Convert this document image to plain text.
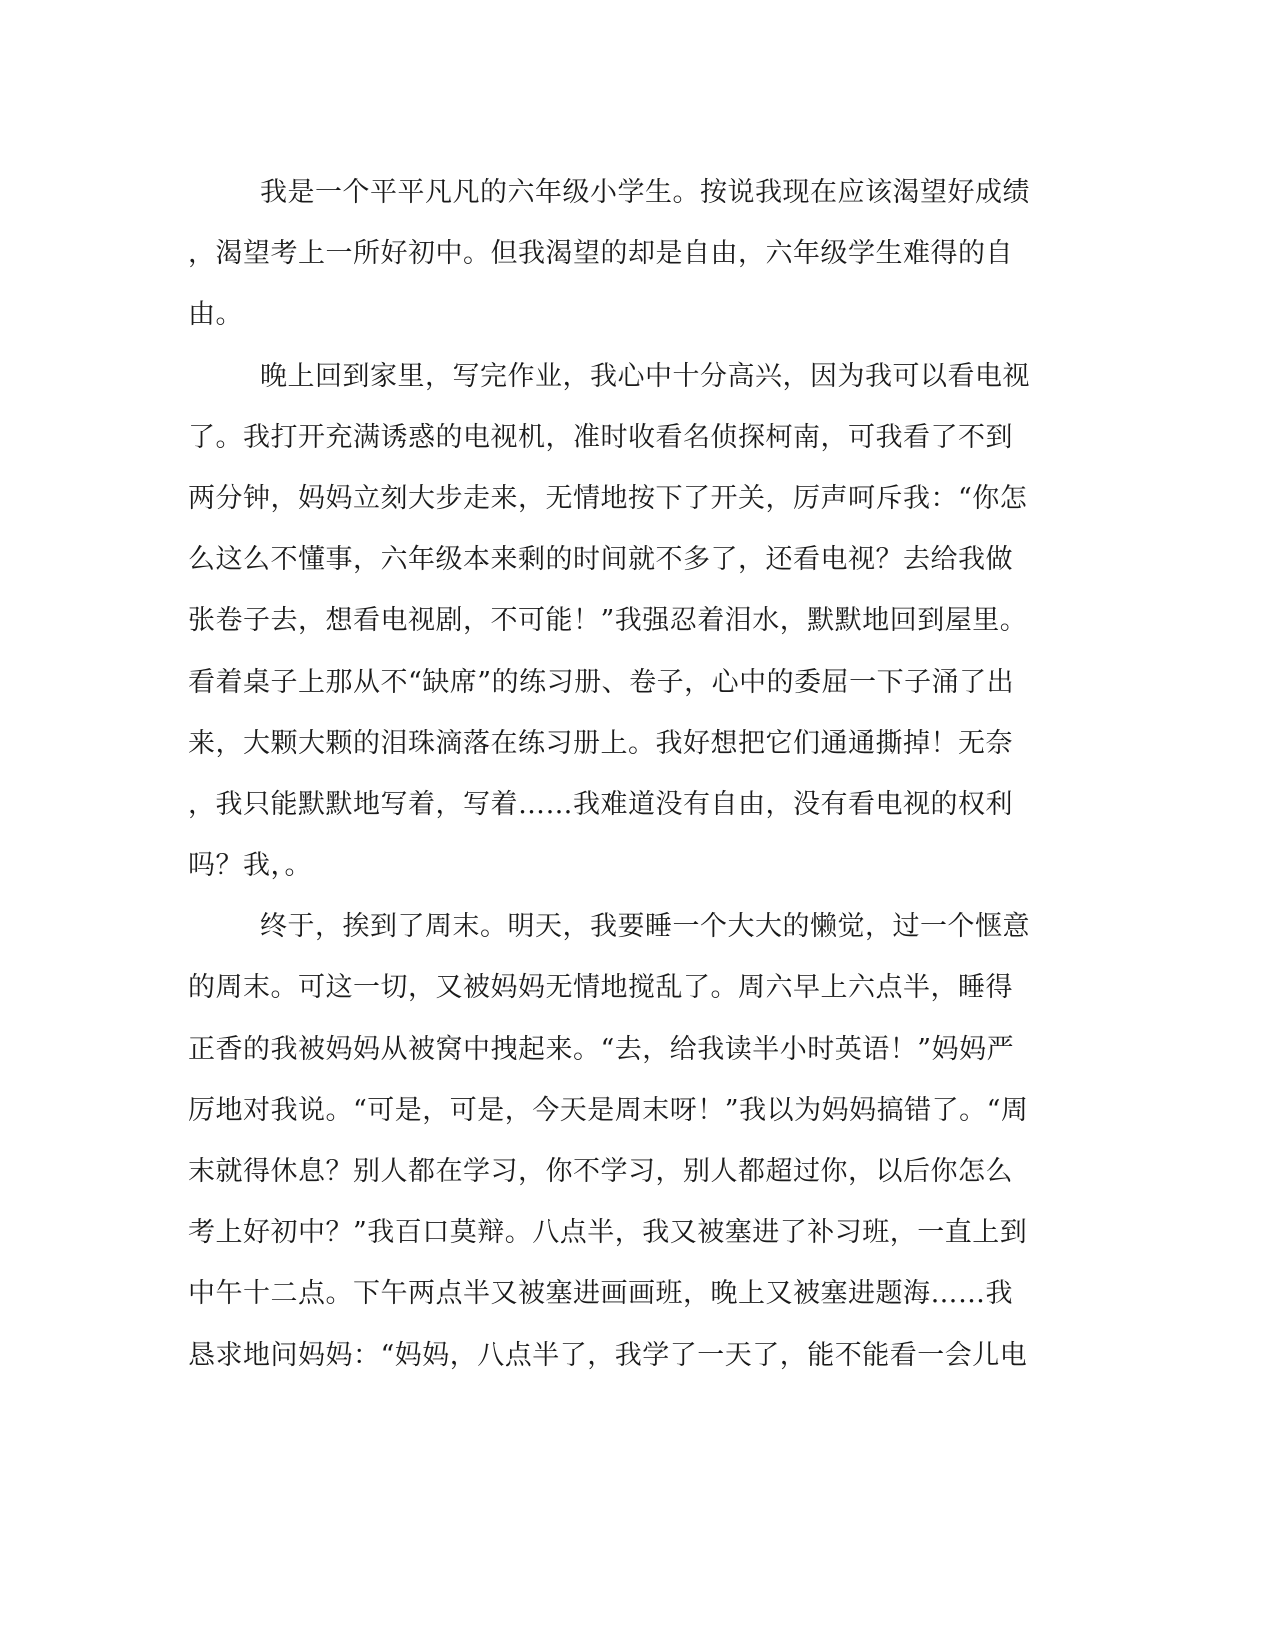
我是一个平平凡凡的六年级小学生。按说我现在应该渴望好成绩
，渴望考上一所好初中。但我渴望的却是自由，六年级学生难得的自
由。
晚上回到家里，写完作业，我心中十分高兴，因为我可以看电视
了。我打开充满诱惑的电视机，准时收看名侦探柯南，可我看了不到
两分钟，妈妈立刻大步走来，无情地按下了开关，厉声呵斥我：“你怎
么这么不懂事，六年级本来剩的时间就不多了，还看电视？去给我做
张卷子去，想看电视剧，不可能！”我强忍着泪水，默默地回到屋里。
看着桌子上那从不“缺席”的练习册、卷子，心中的委屈一下子涌了出
来，大颗大颗的泪珠滴落在练习册上。我好想把它们通通撕掉！无奈
，我只能默默地写着，写着……我难道没有自由，没有看电视的权利
吗？我，。
终于，挨到了周末。明天，我要睡一个大大的懒觉，过一个惬意
的周末。可这一切，又被妈妈无情地搅乱了。周六早上六点半，睡得
正香的我被妈妈从被窝中拽起来。“去，给我读半小时英语！”妈妈严
厉地对我说。“可是，可是，今天是周末呀！”我以为妈妈搞错了。“周
末就得休息？别人都在学习，你不学习，别人都超过你，以后你怎么
考上好初中？”我百口莫辩。八点半，我又被塞进了补习班，一直上到
中午十二点。下午两点半又被塞进画画班，晚上又被塞进题海……我
恳求地问妈妈：“妈妈，八点半了，我学了一天了，能不能看一会儿电
